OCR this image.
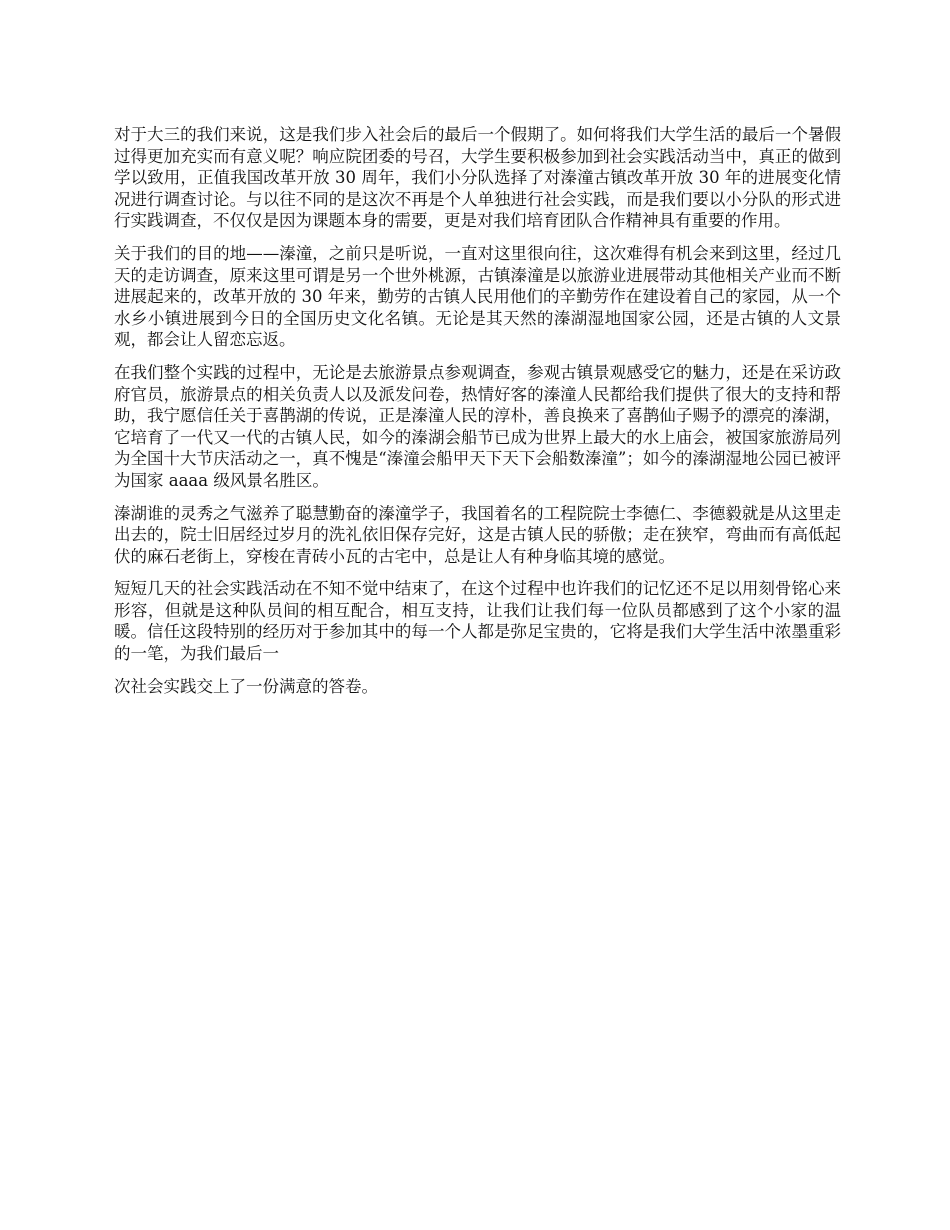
对于大三的我们来说，这是我们步入社会后的最后一个假期了。如何将我们大学生活的最后一个暑假过得更加充实而有意义呢？响应院团委的号召，大学生要积极参加到社会实践活动当中，真正的做到学以致用，正值我国改革开放 30 周年，我们小分队选择了对溱潼古镇改革开放 30 年的进展变化情况进行调查讨论。与以往不同的是这次不再是个人单独进行社会实践，而是我们要以小分队的形式进行实践调查，不仅仅是因为课题本身的需要，更是对我们培育团队合作精神具有重要的作用。

关于我们的目的地——溱潼，之前只是听说，一直对这里很向往，这次难得有机会来到这里，经过几天的走访调查，原来这里可谓是另一个世外桃源，古镇溱潼是以旅游业进展带动其他相关产业而不断进展起来的，改革开放的 30 年来，勤劳的古镇人民用他们的辛勤劳作在建设着自己的家园，从一个水乡小镇进展到今日的全国历史文化名镇。无论是其天然的溱湖湿地国家公园，还是古镇的人文景观，都会让人留恋忘返。

在我们整个实践的过程中，无论是去旅游景点参观调查，参观古镇景观感受它的魅力，还是在采访政府官员，旅游景点的相关负责人以及派发问卷，热情好客的溱潼人民都给我们提供了很大的支持和帮助，我宁愿信任关于喜鹊湖的传说，正是溱潼人民的淳朴，善良换来了喜鹊仙子赐予的漂亮的溱湖，它培育了一代又一代的古镇人民，如今的溱湖会船节已成为世界上最大的水上庙会，被国家旅游局列为全国十大节庆活动之一，真不愧是“溱潼会船甲天下天下会船数溱潼”；如今的溱湖湿地公园已被评为国家 aaaa 级风景名胜区。

溱湖谁的灵秀之气滋养了聪慧勤奋的溱潼学子，我国着名的工程院院士李德仁、李德毅就是从这里走出去的，院士旧居经过岁月的洗礼依旧保存完好，这是古镇人民的骄傲；走在狭窄，弯曲而有高低起伏的麻石老街上，穿梭在青砖小瓦的古宅中，总是让人有种身临其境的感觉。

短短几天的社会实践活动在不知不觉中结束了，在这个过程中也许我们的记忆还不足以用刻骨铭心来形容，但就是这种队员间的相互配合，相互支持，让我们让我们每一位队员都感到了这个小家的温暖。信任这段特别的经历对于参加其中的每一个人都是弥足宝贵的，它将是我们大学生活中浓墨重彩的一笔，为我们最后一

次社会实践交上了一份满意的答卷。
